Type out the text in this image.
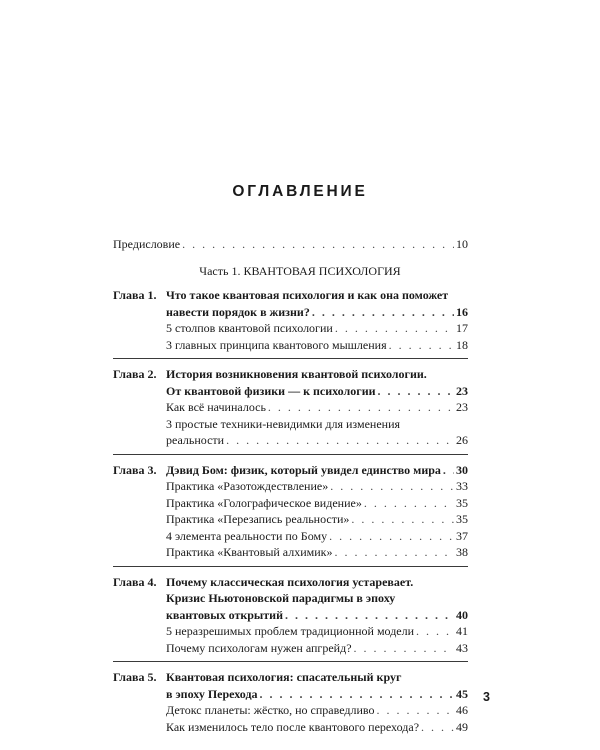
ОГЛАВЛЕНИЕ
Предисловие . . .	10
Часть 1. КВАНТОВАЯ ПСИХОЛОГИЯ
Глава 1. Что такое квантовая психология и как она поможет
навести порядок в жизни? . . .	16
5 столпов квантовой психологии . . .	17
3 главных принципа квантового мышления . . .	18
Глава 2. История возникновения квантовой психологии.
От квантовой физики — к психологии . . .	23
Как всё начиналось . . .	23
3 простые техники-невидимки для изменения
реальности . . .	26
Глава 3. Дэвид Бом: физик, который увидел единство мира . . . 30
Практика «Разотождествление» . . .	33
Практика «Голографическое видение» . . .	35
Практика «Перезапись реальности» . . .	35
4 элемента реальности по Бому . . .	37
Практика «Квантовый алхимик» . . .	38
Глава 4. Почему классическая психология устаревает.
Кризис Ньютоновской парадигмы в эпоху
квантовых открытий . . .	40
5 неразрешимых проблем традиционной модели . . .	41
Почему психологам нужен апгрейд? . . .	43
Глава 5. Квантовая психология: спасательный круг
в эпоху Перехода . . .	45
Детокс планеты: жёстко, но справедливо . . .	46
Как изменилось тело после квантового перехода? . . .	49
3
